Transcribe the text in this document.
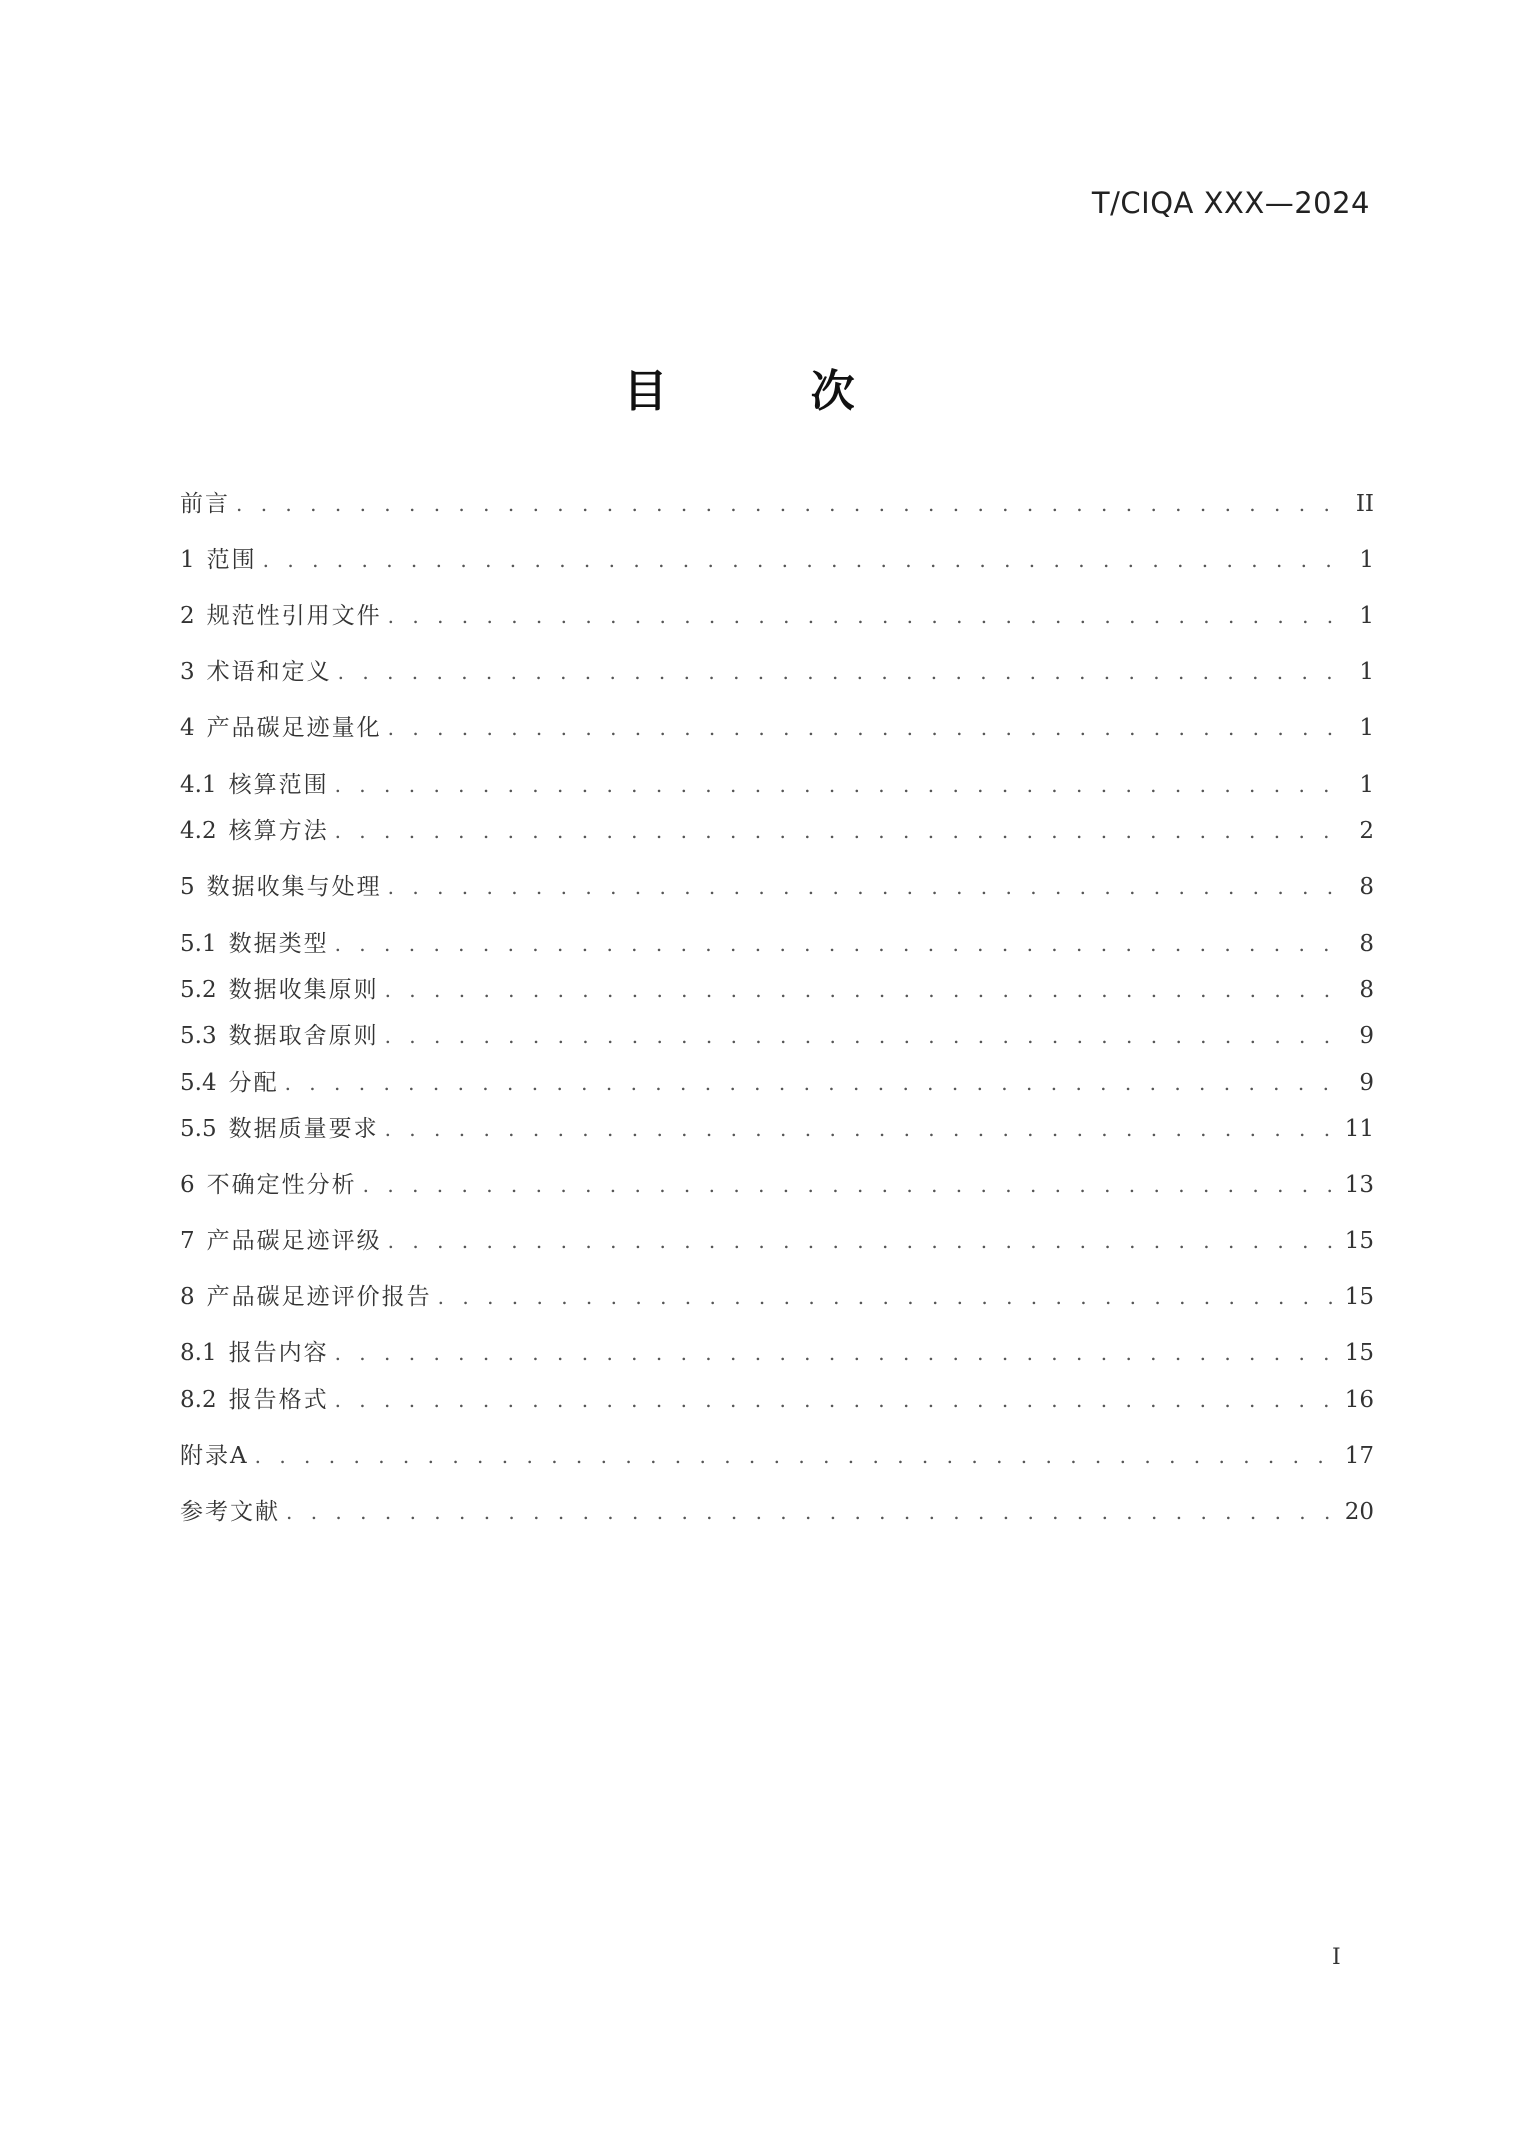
T/CIQA XXX—2024
目 次
前言 . . .	II
1 范围 . . .	1
2 规范性引用文件 . . .	1
3 术语和定义 . . .	1
4 产品碳足迹量化 . . .	1
4.1 核算范围 . . .	1
4.2 核算方法 . . .	2
5 数据收集与处理 . . .	8
5.1 数据类型 . . .	8
5.2 数据收集原则 . . .	8
5.3 数据取舍原则 . . .	9
5.4 分配 . . .	9
5.5 数据质量要求 . . .	11
6 不确定性分析 . . .	13
7 产品碳足迹评级 . . .	15
8 产品碳足迹评价报告 . . .	15
8.1 报告内容 . . .	15
8.2 报告格式 . . .	16
附录A . . .	17
参考文献 . . .	20
I
